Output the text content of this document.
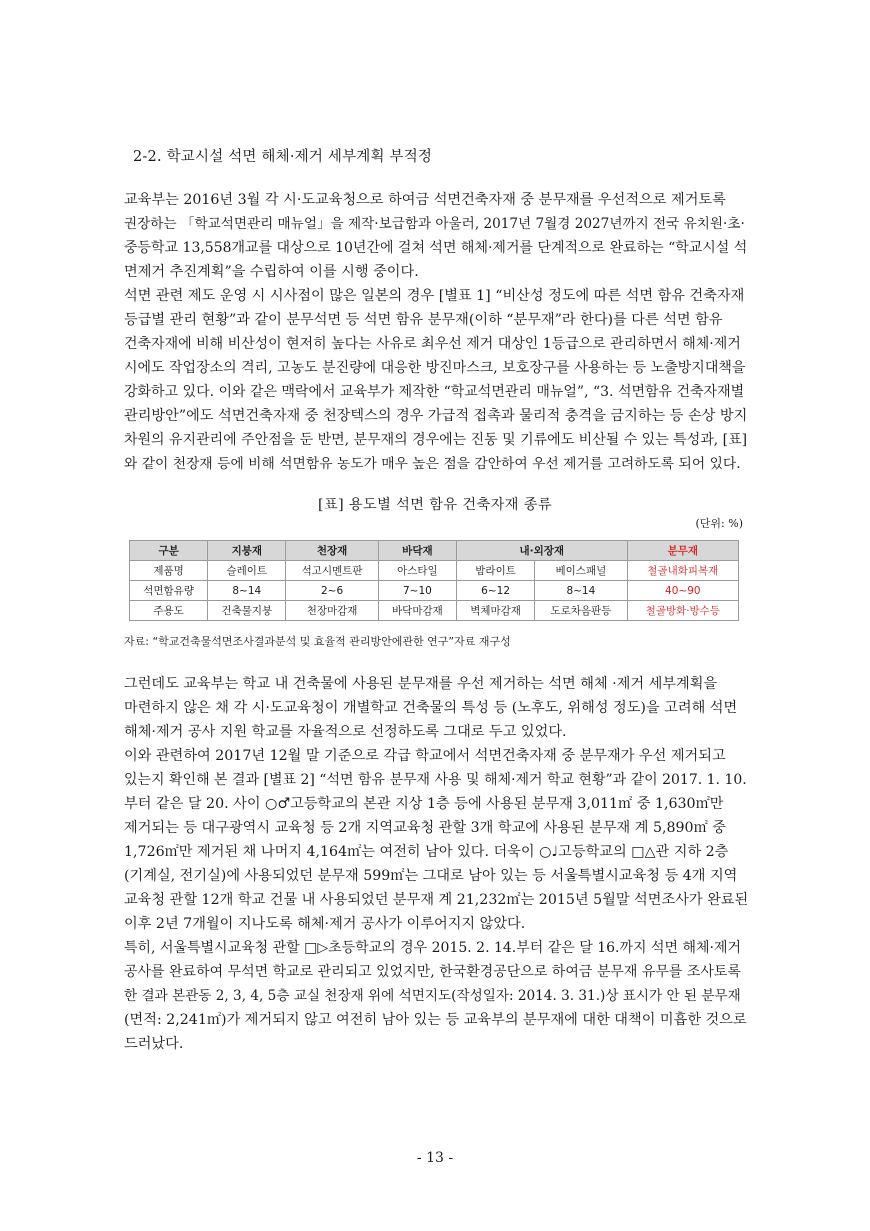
2-2. 학교시설 석면 해체·제거 세부계획 부적정

교육부는 2016년 3월 각 시·도교육청으로 하여금 석면건축자재 중 분무재를 우선적으로 제거토록

권장하는 「학교석면관리 매뉴얼」을 제작·보급함과 아울러, 2017년 7월경 2027년까지 전국 유치원·초·

중등학교 13,558개교를 대상으로 10년간에 걸쳐 석면 해체·제거를 단계적으로 완료하는 “학교시설 석

면제거 추진계획”을 수립하여 이를 시행 중이다.

석면 관련 제도 운영 시 시사점이 많은 일본의 경우 [별표 1] “비산성 정도에 따른 석면 함유 건축자재

등급별 관리 현황”과 같이 분무석면 등 석면 함유 분무재(이하 “분무재”라 한다)를 다른 석면 함유

건축자재에 비해 비산성이 현저히 높다는 사유로 최우선 제거 대상인 1등급으로 관리하면서 해체·제거

시에도 작업장소의 격리, 고농도 분진량에 대응한 방진마스크, 보호장구를 사용하는 등 노출방지대책을

강화하고 있다. 이와 같은 맥락에서 교육부가 제작한 “학교석면관리 매뉴얼”, “3. 석면함유 건축자재별

관리방안”에도 석면건축자재 중 천장텍스의 경우 가급적 접촉과 물리적 충격을 금지하는 등 손상 방지

차원의 유지관리에 주안점을 둔 반면, 분무재의 경우에는 진동 및 기류에도 비산될 수 있는 특성과, [표]

와 같이 천장재 등에 비해 석면함유 농도가 매우 높은 점을 감안하여 우선 제거를 고려하도록 되어 있다.

[표] 용도별 석면 함유 건축자재 종류
(단위: %)
구분	지붕재	천장재	바닥재	내·외장재		분무재
제품명	슬레이트	석고시멘트판	아스타일	밤라이트	베이스패널	철골내화피복재
석면함유량	8~14	2~6	7~10	6~12	8~14	40~90
주용도	건축물지붕	천장마감재	바닥마감재	벽체마감재	도로차음판등	철골방화·방수등
자료: “학교건축물석면조사결과분석 및 효율적 관리방안에관한 연구”자료 재구성

그런데도 교육부는 학교 내 건축물에 사용된 분무재를 우선 제거하는 석면 해체 ·제거 세부계획을

마련하지 않은 채 각 시·도교육청이 개별학교 건축물의 특성 등 (노후도, 위해성 정도)을 고려해 석면

해체·제거 공사 지원 학교를 자율적으로 선정하도록 그대로 두고 있었다.

이와 관련하여 2017년 12월 말 기준으로 각급 학교에서 석면건축자재 중 분무재가 우선 제거되고

있는지 확인해 본 결과 [별표 2] “석면 함유 분무재 사용 및 해체·제거 학교 현황”과 같이 2017. 1. 10.

부터 같은 달 20. 사이 ○♂고등학교의 본관 지상 1층 등에 사용된 분무재 3,011㎡ 중 1,630㎡만

제거되는 등 대구광역시 교육청 등 2개 지역교육청 관할 3개 학교에 사용된 분무재 계 5,890㎡ 중

1,726㎡만 제거된 채 나머지 4,164㎡는 여전히 남아 있다. 더욱이 ○♩고등학교의 □△관 지하 2층

(기계실, 전기실)에 사용되었던 분무재 599㎡는 그대로 남아 있는 등 서울특별시교육청 등 4개 지역

교육청 관할 12개 학교 건물 내 사용되었던 분무재 계 21,232㎡는 2015년 5월말 석면조사가 완료된

이후 2년 7개월이 지나도록 해체·제거 공사가 이루어지지 않았다.

특히, 서울특별시교육청 관할 □▷초등학교의 경우 2015. 2. 14.부터 같은 달 16.까지 석면 해체·제거

공사를 완료하여 무석면 학교로 관리되고 있었지만, 한국환경공단으로 하여금 분무재 유무를 조사토록

한 결과 본관동 2, 3, 4, 5층 교실 천장재 위에 석면지도(작성일자: 2014. 3. 31.)상 표시가 안 된 분무재

(면적: 2,241㎡)가 제거되지 않고 여전히 남아 있는 등 교육부의 분무재에 대한 대책이 미흡한 것으로

드러났다.

- 13 -
